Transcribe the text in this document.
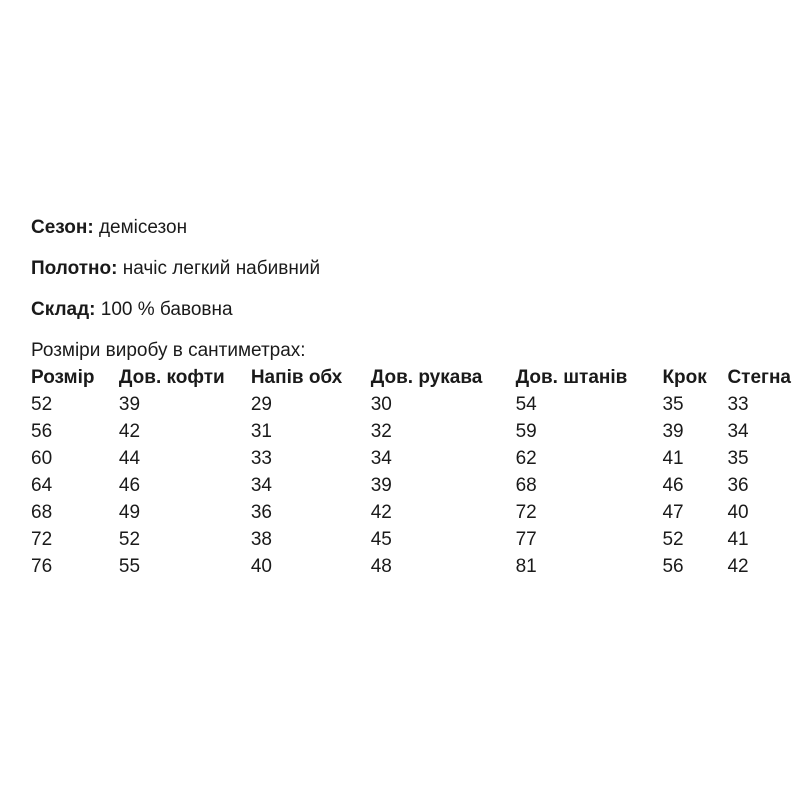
Сезон: демісезон
Полотно: начіс легкий набивний
Склад: 100 % бавовна
Розміри виробу в сантиметрах:
Розмір	Дов. кофти	Напів обх	Дов. рукава	Дов. штанів	Крок	Стегна
52	39	29	30	54	35	33
56	42	31	32	59	39	34
60	44	33	34	62	41	35
64	46	34	39	68	46	36
68	49	36	42	72	47	40
72	52	38	45	77	52	41
76	55	40	48	81	56	42
